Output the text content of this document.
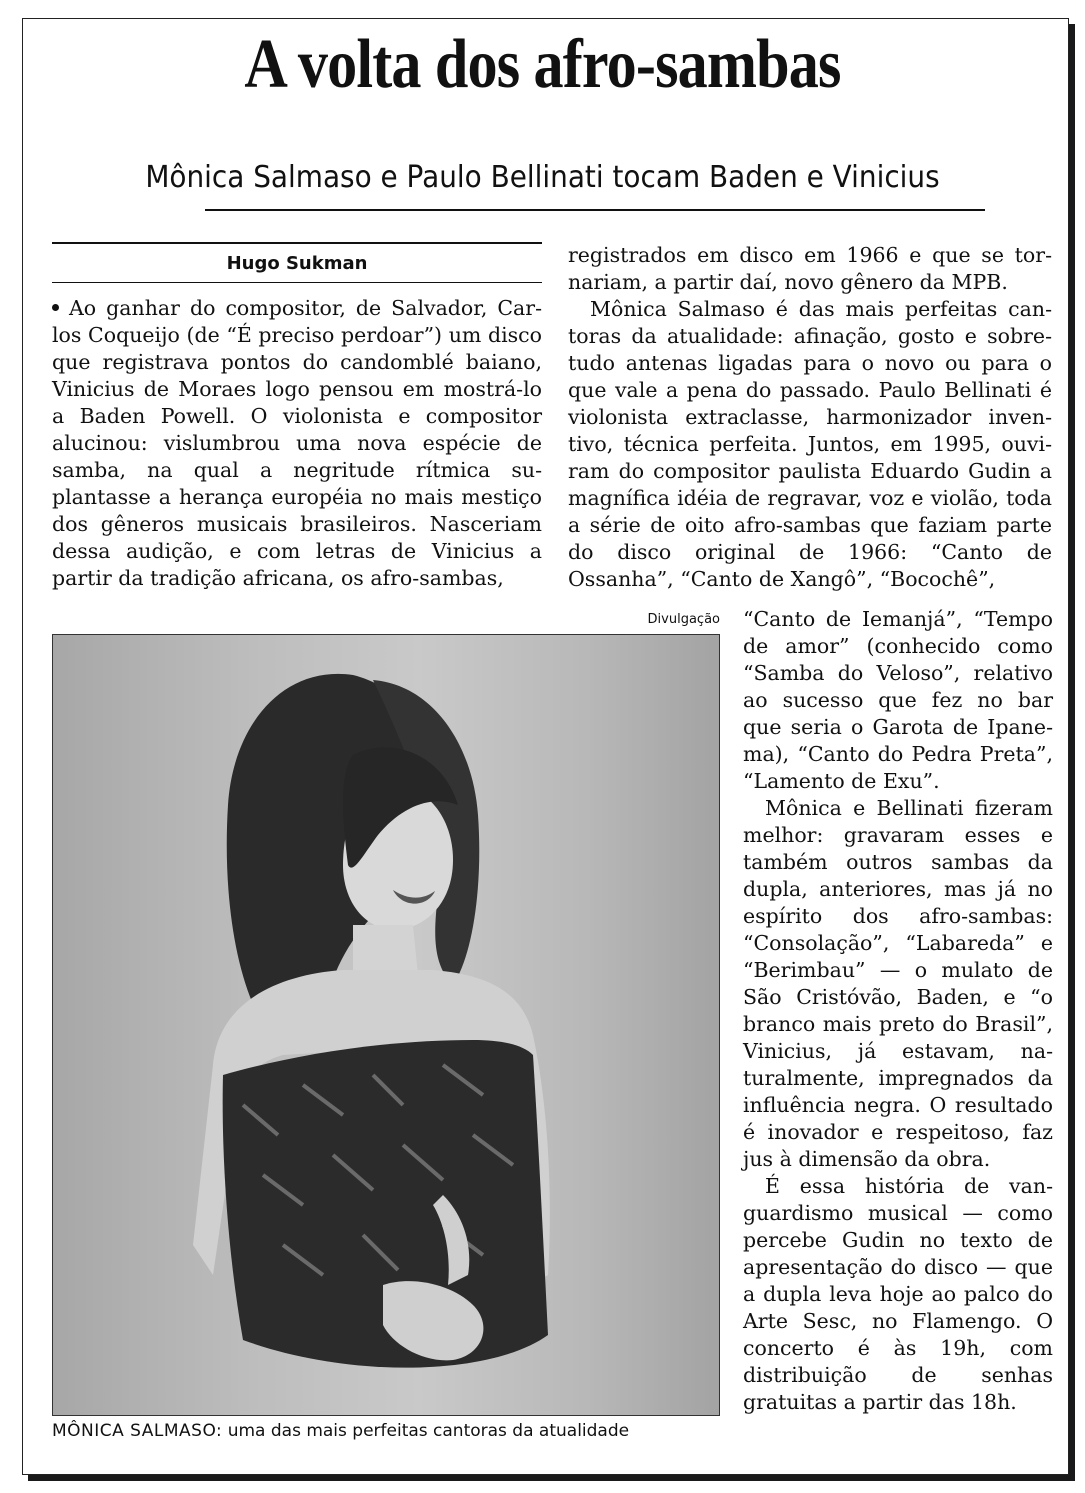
A volta dos afro-sambas
Mônica Salmaso e Paulo Bellinati tocam Baden e Vinicius
Hugo Sukman

Ao ganhar do compositor, de Salvador, Carlos Coqueijo (de “É preciso perdoar”) um disco que registrava pontos do candomblé baiano, Vinicius de Moraes logo pensou em mostrá-lo a Baden Powell. O violonista e compositor alucinou: vislumbrou uma nova espécie de samba, na qual a negritude rítmica suplantasse a herança européia no mais mestiço dos gêneros musicais brasileiros. Nasceriam dessa audição, e com letras de Vinicius a partir da tradição africana, os afro-sambas,

registrados em disco em 1966 e que se tornariam, a partir daí, novo gênero da MPB.

Mônica Salmaso é das mais perfeitas cantoras da atualidade: afinação, gosto e sobretudo antenas ligadas para o novo ou para o que vale a pena do passado. Paulo Bellinati é violonista extraclasse, harmonizador inventivo, técnica perfeita. Juntos, em 1995, ouviram do compositor paulista Eduardo Gudin a magnífica idéia de regravar, voz e violão, toda a série de oito afro-sambas que faziam parte do disco original de 1966: “Canto de Ossanha”, “Canto de Xangô”, “Bocochê”,

Divulgação
MÔNICA SALMASO: uma das mais perfeitas cantoras da atualidade

“Canto de Iemanjá”, “Tempo de amor” (conhecido como “Samba do Veloso”, relativo ao sucesso que fez no bar que seria o Garota de Ipanema), “Canto do Pedra Preta”, “Lamento de Exu”.

Mônica e Bellinati fizeram melhor: gravaram esses e também outros sambas da dupla, anteriores, mas já no espírito dos afro-sambas: “Consolação”, “Labareda” e “Berimbau” — o mulato de São Cristóvão, Baden, e “o branco mais preto do Brasil”, Vinicius, já estavam, naturalmente, impregnados da influência negra. O resultado é inovador e respeitoso, faz jus à dimensão da obra.

É essa história de vanguardismo musical — como percebe Gudin no texto de apresentação do disco — que a dupla leva hoje ao palco do Arte Sesc, no Flamengo. O concerto é às 19h, com distribuição de senhas gratuitas a partir das 18h.
